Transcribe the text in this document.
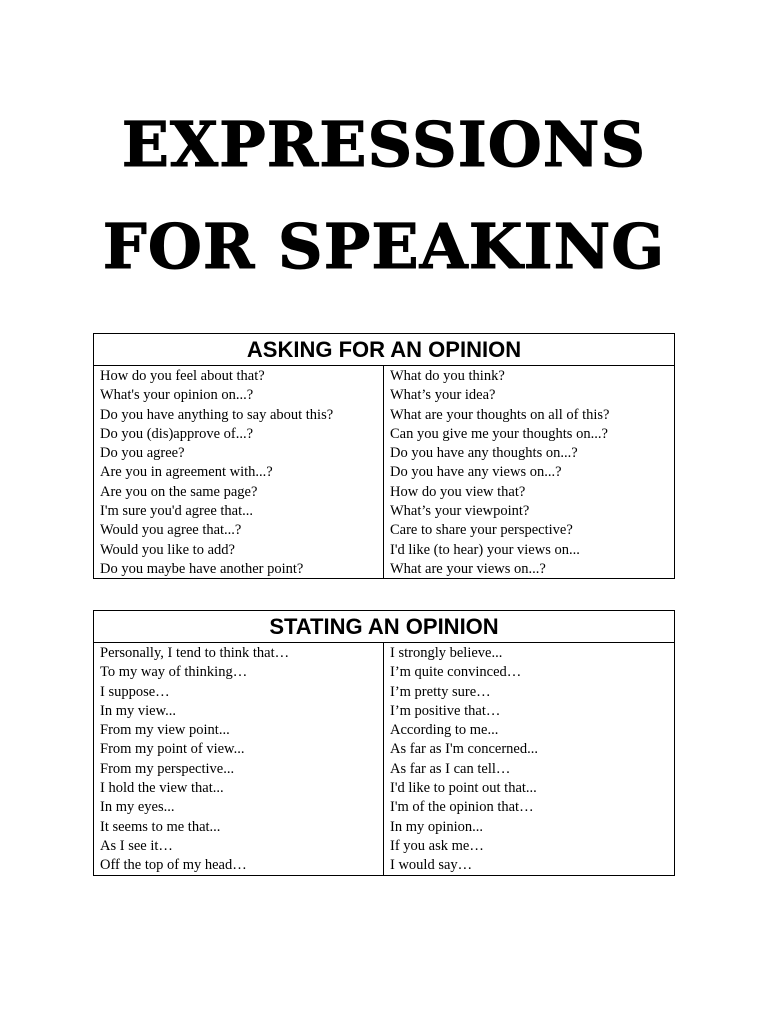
EXPRESSIONS
FOR SPEAKING
ASKING FOR AN OPINION
How do you feel about that?
What's your opinion on...?
Do you have anything to say about this?
Do you (dis)approve of...?
Do you agree?
Are you in agreement with...?
Are you on the same page?
I'm sure you'd agree that...
Would you agree that...?
Would you like to add?
Do you maybe have another point?
What do you think?
What’s your idea?
What are your thoughts on all of this?
Can you give me your thoughts on...?
Do you have any thoughts on...?
Do you have any views on...?
How do you view that?
What’s your viewpoint?
Care to share your perspective?
I'd like (to hear) your views on...
What are your views on...?
STATING AN OPINION
Personally, I tend to think that…
To my way of thinking…
I suppose…
In my view...
From my view point...
From my point of view...
From my perspective...
I hold the view that...
In my eyes...
It seems to me that...
As I see it…
Off the top of my head…
I strongly believe...
I’m quite convinced…
I’m pretty sure…
I’m positive that…
According to me...
As far as I'm concerned...
As far as I can tell…
I'd like to point out that...
I'm of the opinion that…
In my opinion...
If you ask me…
I would say…
